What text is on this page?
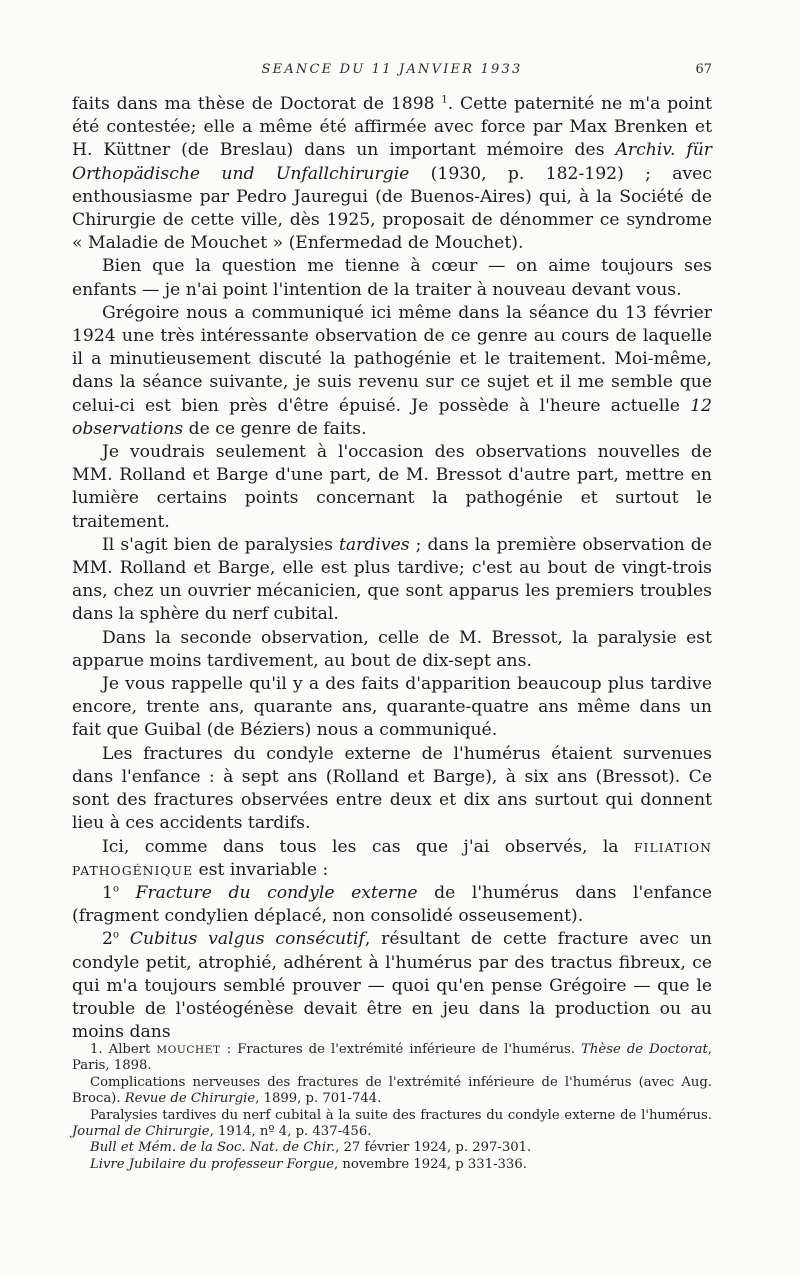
SEANCE DU 11 JANVIER 1933	67

faits dans ma thèse de Doctorat de 1898 $^1$. Cette paternité ne m'a point été contestée; elle a même été affirmée avec force par Max Brenken et H. Küttner (de Breslau) dans un important mémoire des Archiv. für Orthopädische und Unfallchirurgie (1930, p. 182-192) ; avec enthousiasme par Pedro Jauregui (de Buenos-Aires) qui, à la Société de Chirurgie de cette ville, dès 1925, proposait de dénommer ce syndrome « Maladie de Mouchet » (Enfermedad de Mouchet).

Bien que la question me tienne à cœur — on aime toujours ses enfants — je n'ai point l'intention de la traiter à nouveau devant vous.

Grégoire nous a communiqué ici même dans la séance du 13 février 1924 une très intéressante observation de ce genre au cours de laquelle il a minutieusement discuté la pathogénie et le traitement. Moi-même, dans la séance suivante, je suis revenu sur ce sujet et il me semble que celui-ci est bien près d'être épuisé. Je possède à l'heure actuelle 12 observations de ce genre de faits.

Je voudrais seulement à l'occasion des observations nouvelles de MM. Rolland et Barge d'une part, de M. Bressot d'autre part, mettre en lumière certains points concernant la pathogénie et surtout le traitement.

Il s'agit bien de paralysies tardives ; dans la première observation de MM. Rolland et Barge, elle est plus tardive; c'est au bout de vingt-trois ans, chez un ouvrier mécanicien, que sont apparus les premiers troubles dans la sphère du nerf cubital.

Dans la seconde observation, celle de M. Bressot, la paralysie est apparue moins tardivement, au bout de dix-sept ans.

Je vous rappelle qu'il y a des faits d'apparition beaucoup plus tardive encore, trente ans, quarante ans, quarante-quatre ans même dans un fait que Guibal (de Béziers) nous a communiqué.

Les fractures du condyle externe de l'humérus étaient survenues dans l'enfance : à sept ans (Rolland et Barge), à six ans (Bressot). Ce sont des fractures observées entre deux et dix ans surtout qui donnent lieu à ces accidents tardifs.

Ici, comme dans tous les cas que j'ai observés, la FILIATION PATHOGÉNIQUE est invariable :

1$^o$ Fracture du condyle externe de l'humérus dans l'enfance (fragment condylien déplacé, non consolidé osseusement).

2$^o$ Cubitus valgus consécutif, résultant de cette fracture avec un condyle petit, atrophié, adhérent à l'humérus par des tractus fibreux, ce qui m'a toujours semblé prouver — quoi qu'en pense Grégoire — que le trouble de l'ostéogénèse devait être en jeu dans la production ou au moins dans

1. Albert MOUCHET : Fractures de l'extrémité inférieure de l'humérus. Thèse de Doctorat, Paris, 1898.

Complications nerveuses des fractures de l'extrémité inférieure de l'humérus (avec Aug. Broca). Revue de Chirurgie, 1899, p. 701-744.

Paralysies tardives du nerf cubital à la suite des fractures du condyle externe de l'humérus. Journal de Chirurgie, 1914, nº 4, p. 437-456.

Bull et Mém. de la Soc. Nat. de Chir., 27 février 1924, p. 297-301.

Livre Jubilaire du professeur Forgue, novembre 1924, p 331-336.
